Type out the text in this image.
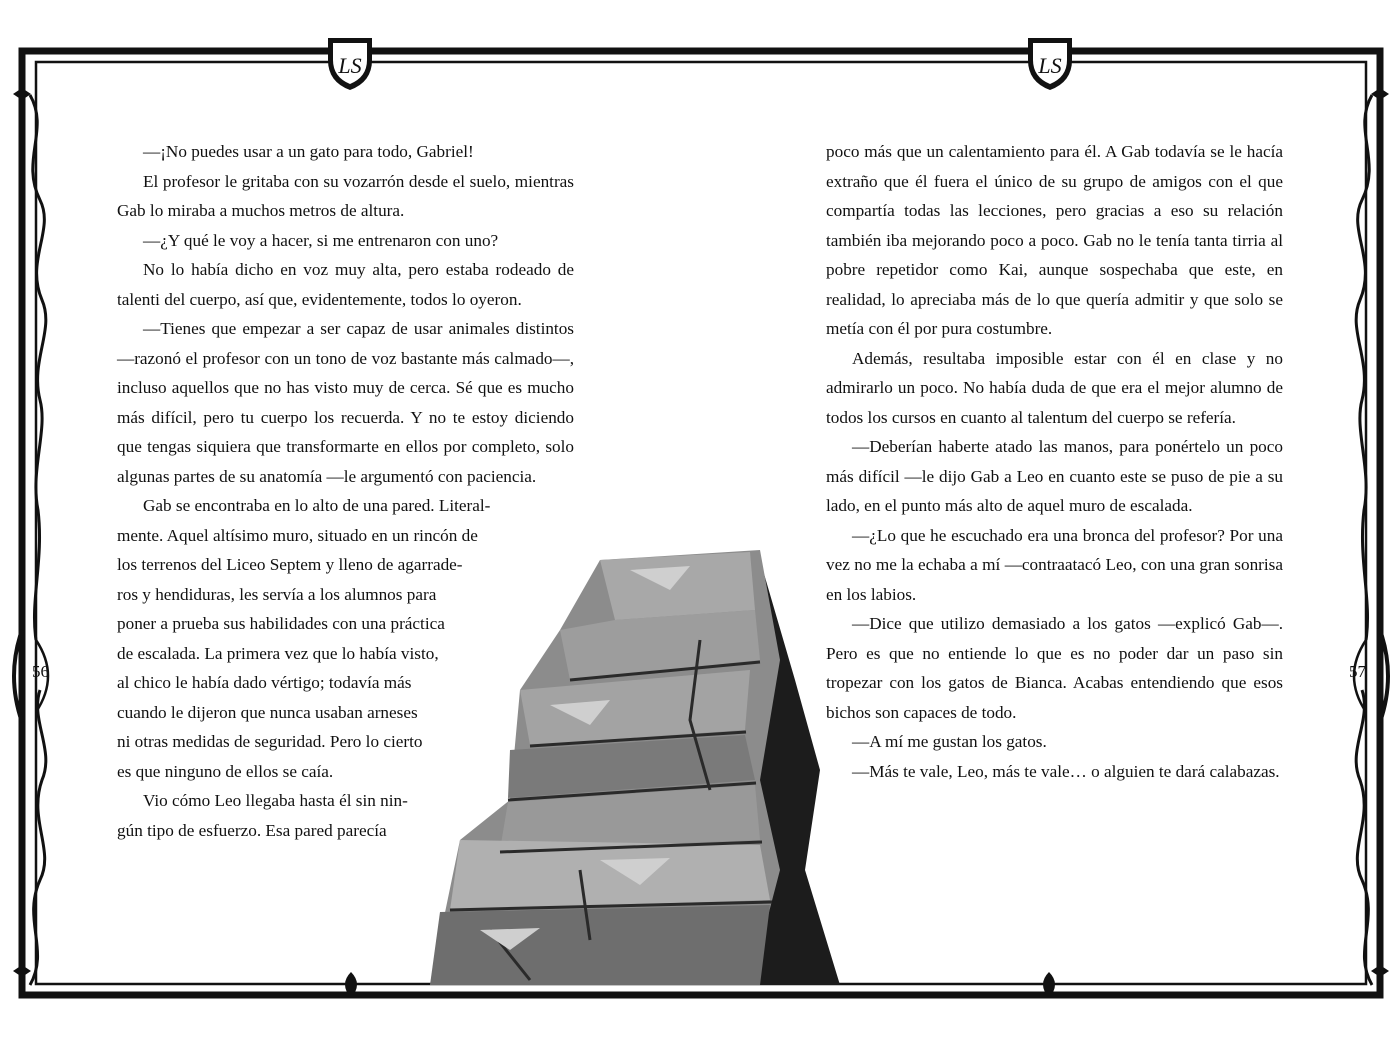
LS	LS

—¡No puedes usar a un gato para todo, Gabriel!

El profesor le gritaba con su vozarrón desde el suelo, mientras Gab lo miraba a muchos metros de altura.

—¿Y qué le voy a hacer, si me entrenaron con uno?

No lo había dicho en voz muy alta, pero estaba rodeado de talenti del cuerpo, así que, evidentemente, todos lo oyeron.

—Tienes que empezar a ser capaz de usar animales distintos —razonó el profesor con un tono de voz bastante más calmado—, incluso aquellos que no has visto muy de cerca. Sé que es mucho más difícil, pero tu cuerpo los recuerda. Y no te estoy diciendo que tengas siquiera que transformarte en ellos por completo, solo algunas partes de su anatomía —le argumentó con paciencia.

Gab se encontraba en lo alto de una pared. Literal-
mente. Aquel altísimo muro, situado en un rincón de
los terrenos del Liceo Septem y lleno de agarrade-
ros y hendiduras, les servía a los alumnos para
poner a prueba sus habilidades con una práctica
de escalada. La primera vez que lo había visto,
al chico le había dado vértigo; todavía más
cuando le dijeron que nunca usaban arneses
ni otras medidas de seguridad. Pero lo cierto
es que ninguno de ellos se caía.
Vio cómo Leo llegaba hasta él sin nin-
gún tipo de esfuerzo. Esa pared parecía

poco más que un calentamiento para él. A Gab todavía se le hacía extraño que él fuera el único de su grupo de amigos con el que compartía todas las lecciones, pero gracias a eso su relación también iba mejorando poco a poco. Gab no le tenía tanta tirria al pobre repetidor como Kai, aunque sospechaba que este, en realidad, lo apreciaba más de lo que quería admitir y que solo se metía con él por pura costumbre.

Además, resultaba imposible estar con él en clase y no admirarlo un poco. No había duda de que era el mejor alumno de todos los cursos en cuanto al talentum del cuerpo se refería.

—Deberían haberte atado las manos, para ponértelo un poco más difícil —le dijo Gab a Leo en cuanto este se puso de pie a su lado, en el punto más alto de aquel muro de escalada.

—¿Lo que he escuchado era una bronca del profesor? Por una vez no me la echaba a mí —contraatacó Leo, con una gran sonrisa en los labios.

—Dice que utilizo demasiado a los gatos —explicó Gab—. Pero es que no entiende lo que es no poder dar un paso sin tropezar con los gatos de Bianca. Acabas entendiendo que esos bichos son capaces de todo.

—A mí me gustan los gatos.

—Más te vale, Leo, más te vale… o alguien te dará calabazas.

56	57
